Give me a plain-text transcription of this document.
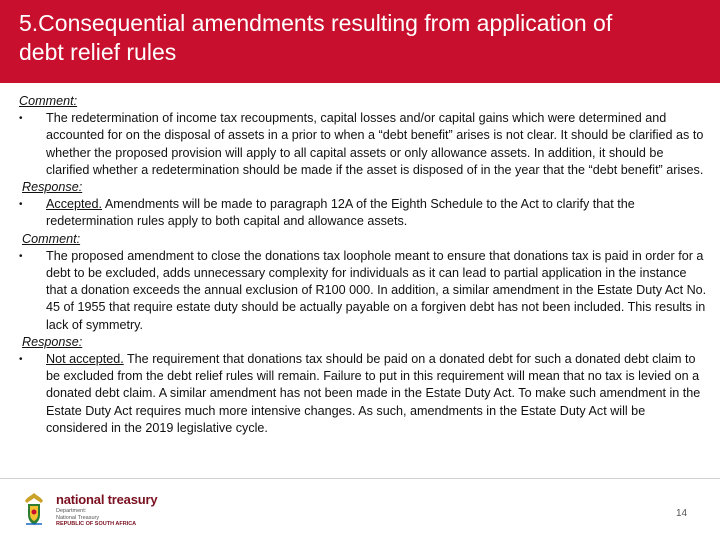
5.Consequential amendments resulting from application of
debt relief rules

Comment:

•	The redetermination of income tax recoupments, capital losses and/or capital gains which were determined and accounted for on the disposal of assets in a prior to when a “debt benefit” arises is not clear. It should be clarified as to whether the proposed provision will apply to all capital assets or only allowance assets. In addition, it should be clarified whether a redetermination should be made if the asset is disposed of in the year that the “debt benefit” arises.

Response:

•	Accepted. Amendments will be made to paragraph 12A of the Eighth Schedule to the Act to clarify that the redetermination rules apply to both capital and allowance assets.

Comment:

•	The proposed amendment to close the donations tax loophole meant to ensure that donations tax is paid in order for a debt to be excluded, adds unnecessary complexity for individuals as it can lead to partial application in the instance that a donation exceeds the annual exclusion of R100 000. In addition, a similar amendment in the Estate Duty Act No. 45 of 1955 that require estate duty should be actually payable on a forgiven debt has not been included. This results in lack of symmetry.

Response:

•	Not accepted. The requirement that donations tax should be paid on a donated debt for such a donated debt claim to be excluded from the debt relief rules will remain. Failure to put in this requirement will mean that no tax is levied on a donated debt claim. A similar amendment has not been made in the Estate Duty Act. To make such amendment in the Estate Duty Act requires much more intensive changes. As such, amendments in the Estate Duty Act will be considered in the 2019 legislative cycle.
national treasury
Department:
National Treasury
REPUBLIC OF SOUTH AFRICA
14
